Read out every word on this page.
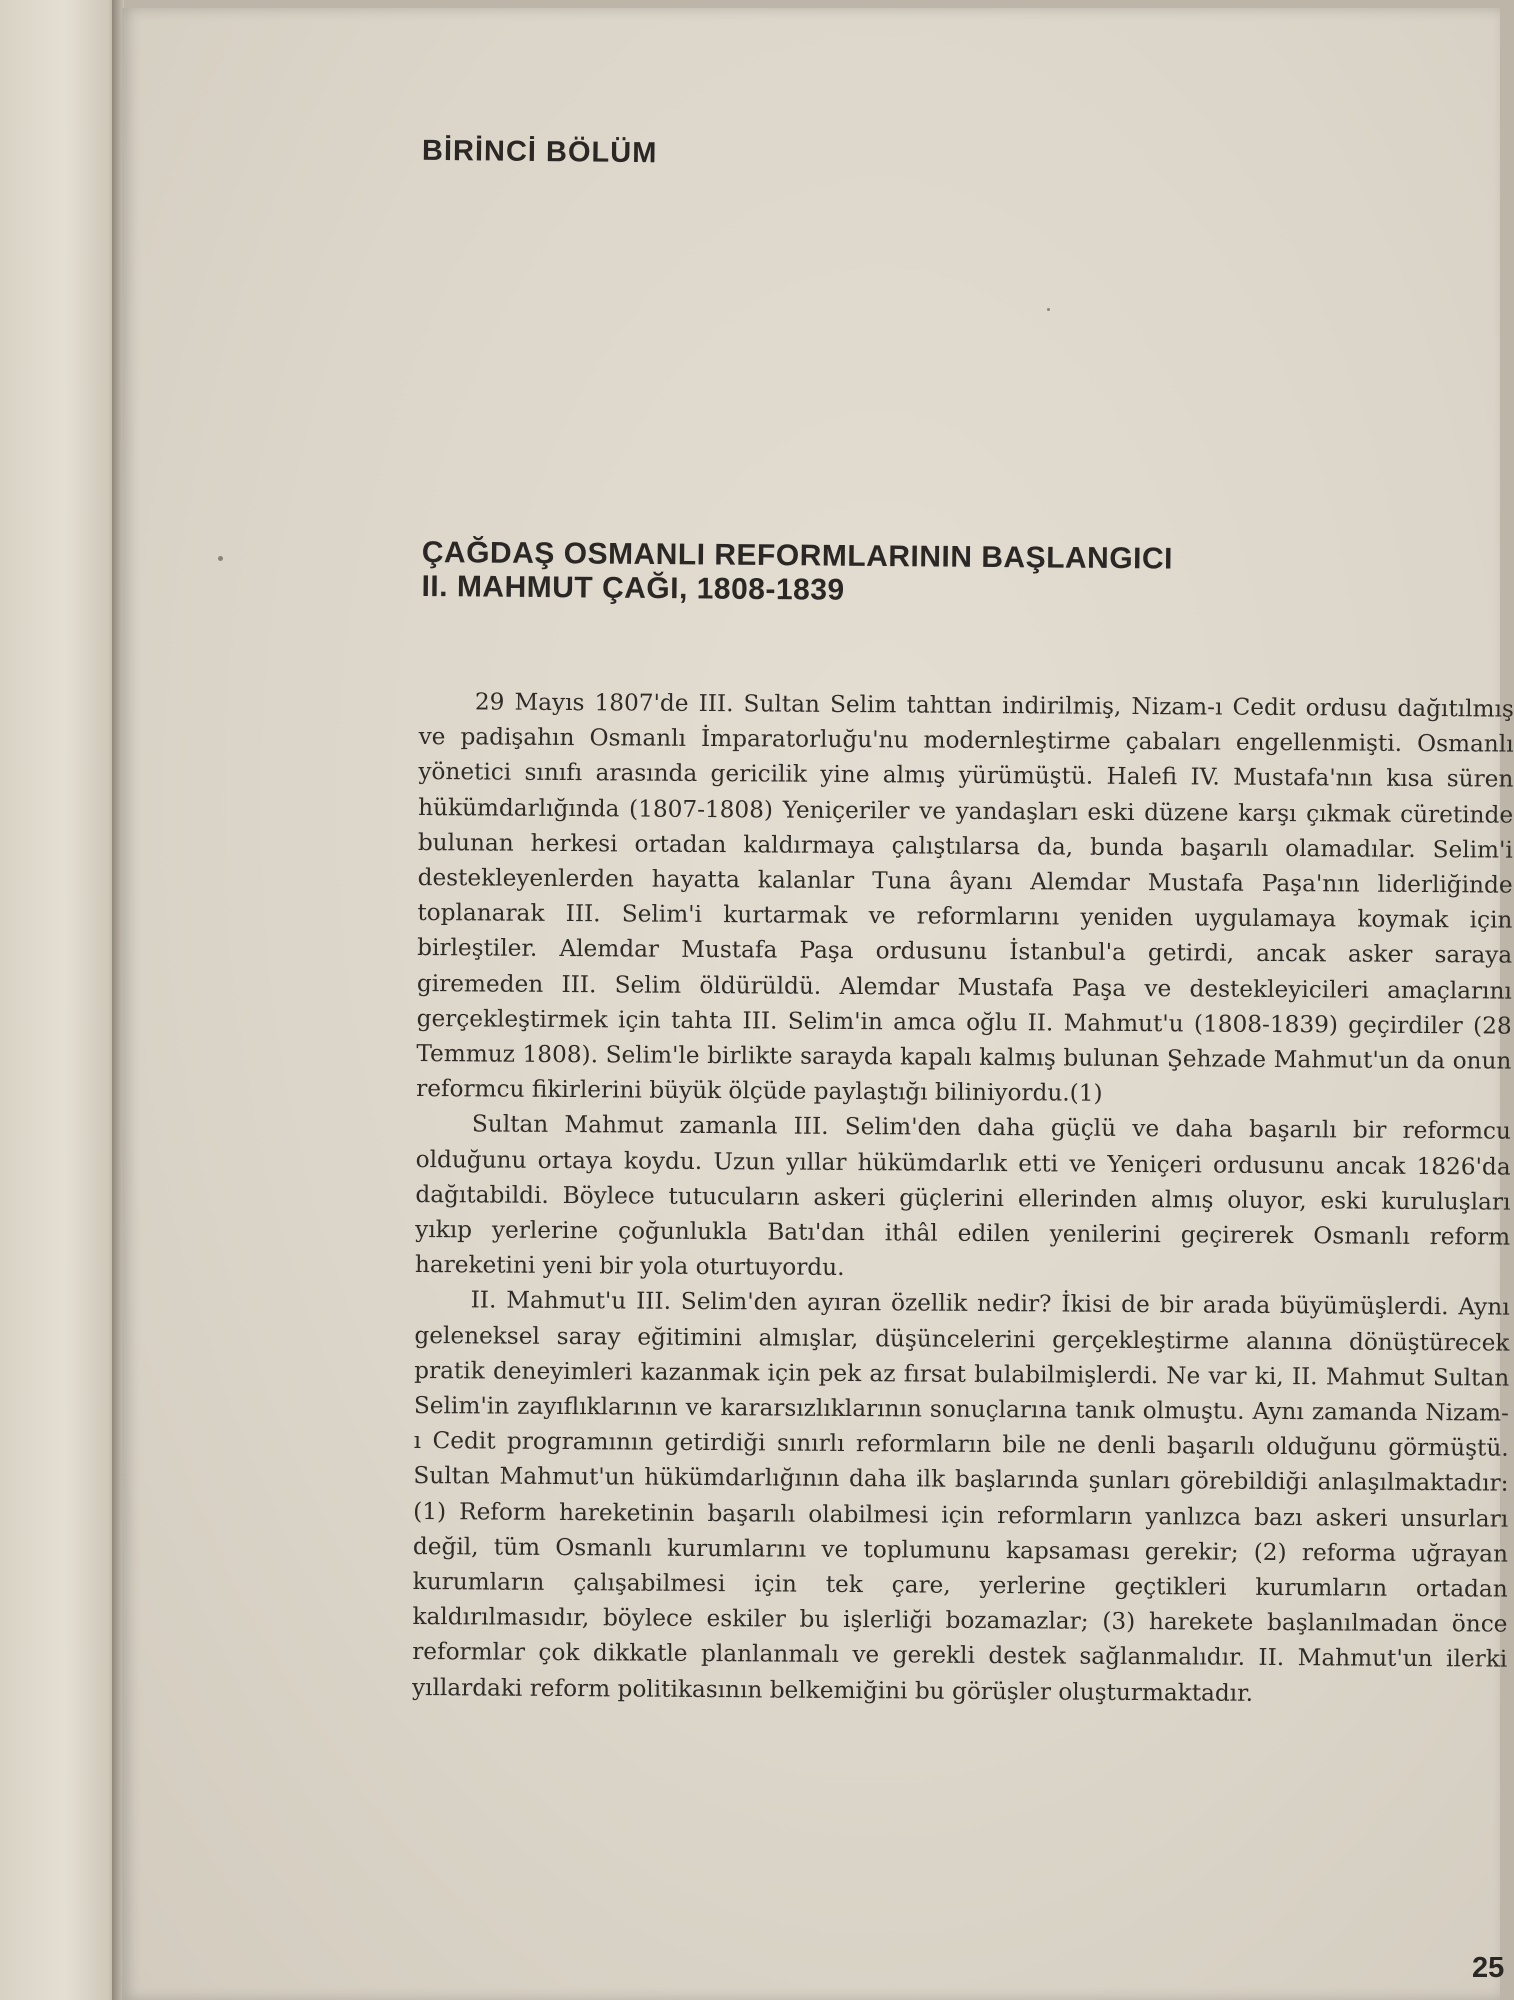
BİRİNCİ BÖLÜM
ÇAĞDAŞ OSMANLI REFORMLARININ BAŞLANGICI
II. MAHMUT ÇAĞI, 1808-1839

29 Mayıs 1807'de III. Sultan Selim tahttan indirilmiş, Nizam-ı Cedit ordusu dağıtılmış ve padişahın Osmanlı İmparatorluğu'nu modernleştirme çabaları engellenmişti. Osmanlı yönetici sınıfı arasında gericilik yine almış yürümüştü. Halefi IV. Mustafa'nın kısa süren hükümdarlığında (1807-1808) Yeniçeriler ve yandaşları eski düzene karşı çıkmak cüretinde bulunan herkesi ortadan kaldırmaya çalıştılarsa da, bunda başarılı olamadılar. Selim'i destekleyenlerden hayatta kalanlar Tuna âyanı Alemdar Mustafa Paşa'nın liderliğinde toplanarak III. Selim'i kurtarmak ve reformlarını yeniden uygulamaya koymak için birleştiler. Alemdar Mustafa Paşa ordusunu İstanbul'a getirdi, ancak asker saraya giremeden III. Selim öldürüldü. Alemdar Mustafa Paşa ve destekleyicileri amaçlarını gerçekleştirmek için tahta III. Selim'in amca oğlu II. Mahmut'u (1808-1839) geçirdiler (28 Temmuz 1808). Selim'le birlikte sarayda kapalı kalmış bulunan Şehzade Mahmut'un da onun reformcu fikirlerini büyük ölçüde paylaştığı biliniyordu.(1)

Sultan Mahmut zamanla III. Selim'den daha güçlü ve daha başarılı bir reformcu olduğunu ortaya koydu. Uzun yıllar hükümdarlık etti ve Yeniçeri ordusunu ancak 1826'da dağıtabildi. Böylece tutucuların askeri güçlerini ellerinden almış oluyor, eski kuruluşları yıkıp yerlerine çoğunlukla Batı'dan ithâl edilen yenilerini geçirerek Osmanlı reform hareketini yeni bir yola oturtuyordu.

II. Mahmut'u III. Selim'den ayıran özellik nedir? İkisi de bir arada büyümüşlerdi. Aynı geleneksel saray eğitimini almışlar, düşüncelerini gerçekleştirme alanına dönüştürecek pratik deneyimleri kazanmak için pek az fırsat bulabilmişlerdi. Ne var ki, II. Mahmut Sultan Selim'in zayıflıklarının ve kararsızlıklarının sonuçlarına tanık olmuştu. Aynı zamanda Nizam-ı Cedit programının getirdiği sınırlı reformların bile ne denli başarılı olduğunu görmüştü. Sultan Mahmut'un hükümdarlığının daha ilk başlarında şunları görebildiği anlaşılmaktadır: (1) Reform hareketinin başarılı olabilmesi için reformların yanlızca bazı askeri unsurları değil, tüm Osmanlı kurumlarını ve toplumunu kapsaması gerekir; (2) reforma uğrayan kurumların çalışabilmesi için tek çare, yerlerine geçtikleri kurumların ortadan kaldırılmasıdır, böylece eskiler bu işlerliği bozamazlar; (3) harekete başlanılmadan önce reformlar çok dikkatle planlanmalı ve gerekli destek sağlanmalıdır. II. Mahmut'un ilerki yıllardaki reform politikasının belkemiğini bu görüşler oluşturmaktadır.

25
